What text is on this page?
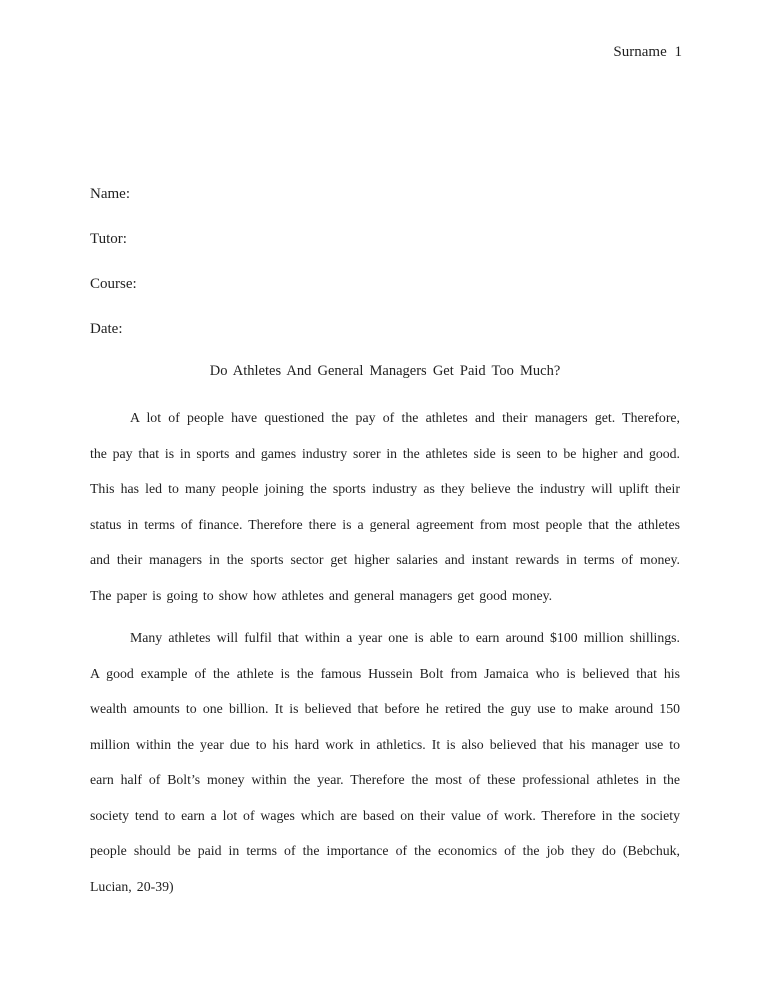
Surname 1
Name:
Tutor:
Course:
Date:
Do Athletes And General Managers Get Paid Too Much?
A lot of people have questioned the pay of the athletes and their managers get. Therefore,
the pay that is in sports and games industry sorer in the athletes side is seen to be higher and good.
This has led to many people joining the sports industry as they believe the industry will uplift their
status in terms of finance. Therefore there is a general agreement from most people that the athletes
and their managers in the sports sector get higher salaries and instant rewards in terms of money.
The paper is going to show how athletes and general managers get good money.
Many athletes will fulfil that within a year one is able to earn around $100 million shillings.
A good example of the athlete is the famous Hussein Bolt from Jamaica who is believed that his
wealth amounts to one billion. It is believed that before he retired the guy use to make around 150
million within the year due to his hard work in athletics. It is also believed that his manager use to
earn half of Bolt’s money within the year. Therefore the most of these professional athletes in the
society tend to earn a lot of wages which are based on their value of work. Therefore in the society
people should be paid in terms of the importance of the economics of the job they do (Bebchuk,
Lucian, 20-39)
